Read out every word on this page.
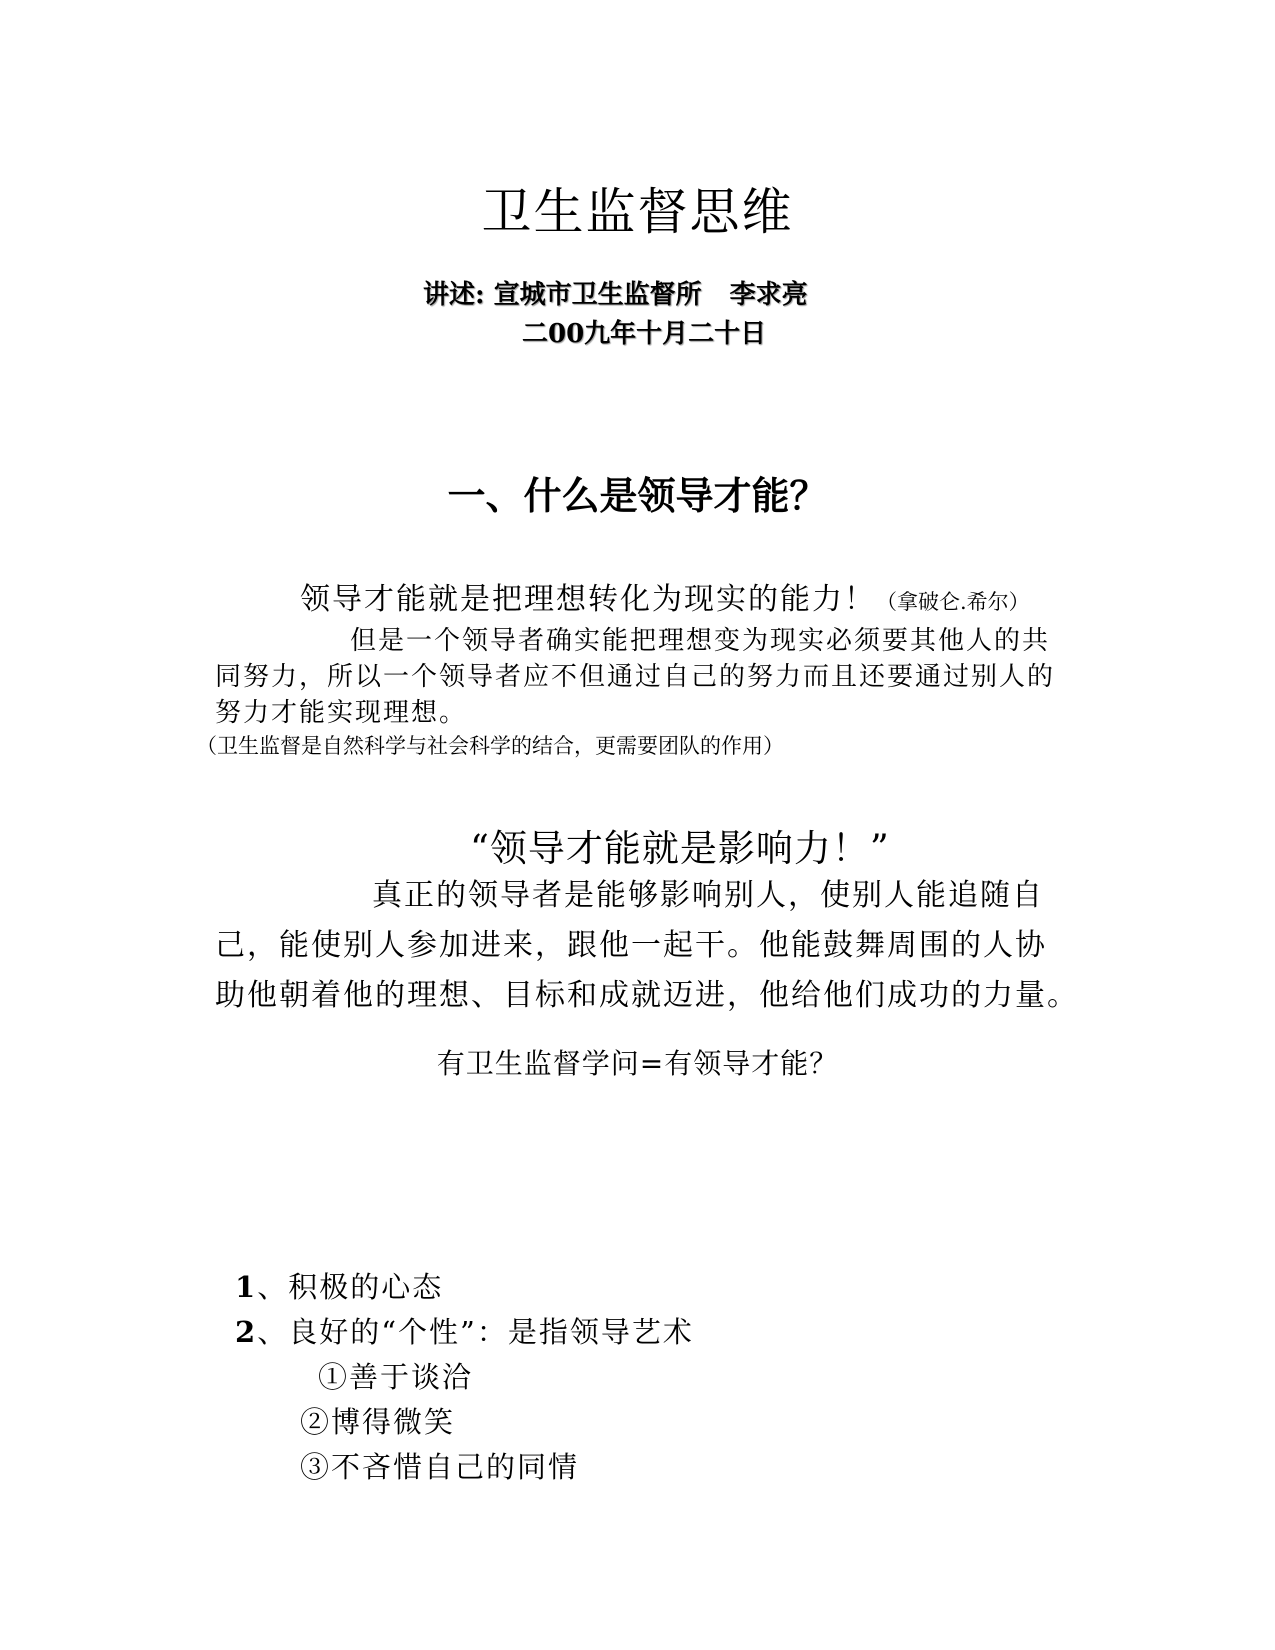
卫生监督思维
讲述: 宣城市卫生监督所 李求亮
二00九年十月二十日
一、什么是领导才能？
领导才能就是把理想转化为现实的能力！（拿破仑.希尔）
但是一个领导者确实能把理想变为现实必须要其他人的共
同努力，所以一个领导者应不但通过自己的努力而且还要通过别人的
努力才能实现理想。
（卫生监督是自然科学与社会科学的结合，更需要团队的作用）
“领导才能就是影响力！”
真正的领导者是能够影响别人，使别人能追随自
己，能使别人参加进来，跟他一起干。他能鼓舞周围的人协
助他朝着他的理想、目标和成就迈进，他给他们成功的力量。
有卫生监督学问=有领导才能？
1、积极的心态
2、良好的“个性”：是指领导艺术
①善于谈洽
②博得微笑
③不吝惜自己的同情
